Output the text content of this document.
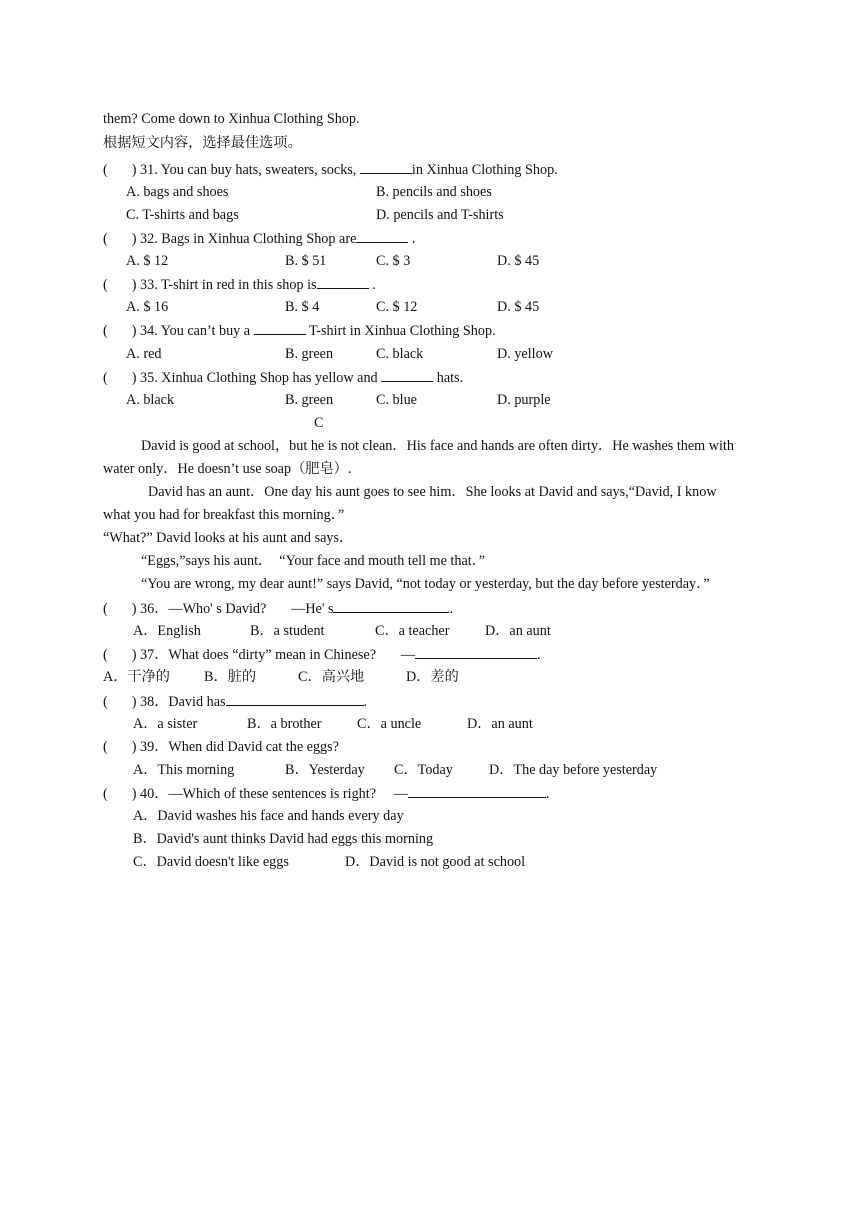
them? Come down to Xinhua Clothing Shop.
根据短文内容，选择最佳选项。
( ) 31. You can buy hats, sweaters, socks,	in Xinhua Clothing Shop.
A. bags and shoes	B. pencils and shoes
C. T-shirts and bags	D. pencils and T-shirts
( ) 32. Bags in Xinhua Clothing Shop are	.
A. $ 12	B. $ 51	C. $ 3	D. $ 45
( ) 33. T-shirt in red in this shop is	.
A. $ 16	B. $ 4	C. $ 12	D. $ 45
( ) 34. You can’t buy a	T-shirt in Xinhua Clothing Shop.
A. red	B. green	C. black	D. yellow
( ) 35. Xinhua Clothing Shop has yellow and	hats.
A. black	B. green	C. blue	D. purple
C
David is good at school，but he is not clean．His face and hands are often dirty．He washes them with
water only．He doesn’t use soap（肥皂）.
David has an aunt．One day his aunt goes to see him．She looks at David and says,“David, I know
what you had for breakfast this morning．”
“What?” David looks at his aunt and says．
“Eggs,”says his aunt．  “Your face and mouth tell me that．”
“You are wrong, my dear aunt!” says David, “not today or yesterday, but the day before yesterday．”
( ) 36．—Who' s David?       —He' s	.
A．English	B．a student	C．a teacher	D．an aunt
( ) 37．What does “dirty” mean in Chinese?       —	.
A．干净的 B．脏的	C．高兴地	D．差的
( ) 38．David has	.
A．a sister	B．a brother	C．a uncle	D．an aunt
( ) 39．When did David cat the eggs?
A．This morning	B．Yesterday C．Today	D．The day before yesterday
( ) 40．—Which of these sentences is right?     —	.
A．David washes his face and hands every day
B．David's aunt thinks David had eggs this morning
C．David doesn't like eggs	D．David is not good at school
